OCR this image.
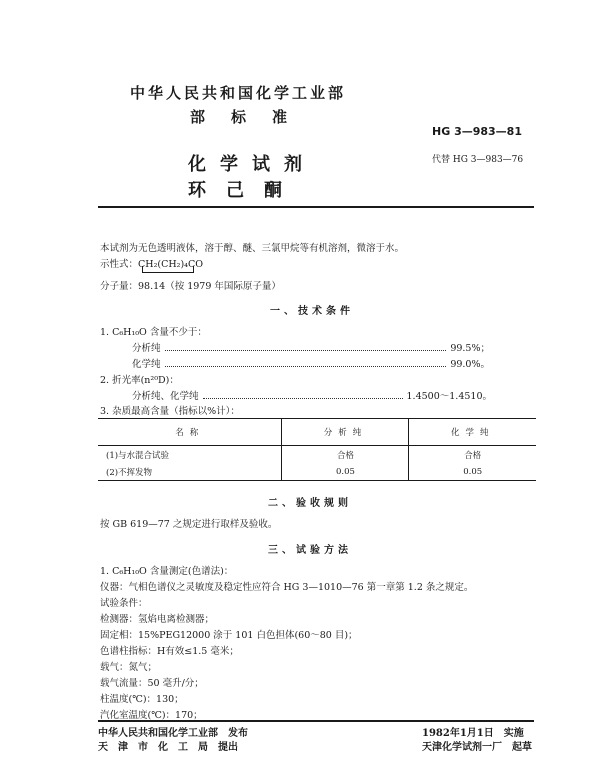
中华人民共和国化学工业部
部标准
HG 3—983—81
化学试剂
环己酮
代替 HG 3—983—76
本试剂为无色透明液体，溶于醇、醚、三氯甲烷等有机溶剂，微溶于水。
示性式：CH₂(CH₂)₄CO
分子量：98.14（按 1979 年国际原子量）
一、技术条件
1. C₆H₁₀O 含量不少于：
分析纯	99.5%；
化学纯	99.0%。
2. 折光率(n²⁰D)：
分析纯、化学纯	1.4500～1.4510。
3. 杂质最高含量（指标以%计）：
名称	分析纯	化学纯
(1)与水混合试验	合格	合格
(2)不挥发物	0.05	0.05
二、验收规则
按 GB 619—77 之规定进行取样及验收。
三、试验方法
1. C₆H₁₀O 含量测定(色谱法)：
仪器：气相色谱仪之灵敏度及稳定性应符合 HG 3—1010—76 第一章第 1.2 条之规定。
试验条件：
检测器：氢焰电离检测器；
固定相：15%PEG12000 涂于 101 白色担体(60～80 目)；
色谱柱指标：H有效≤1.5 毫米；
载气：氮气；
载气流量：50 毫升/分；
柱温度(℃)：130；
汽化室温度(℃)：170；
中华人民共和国化学工业部　发布
天　津　市　化　工　局　提出
1982年1月1日　实施
天津化学试剂一厂　起草
